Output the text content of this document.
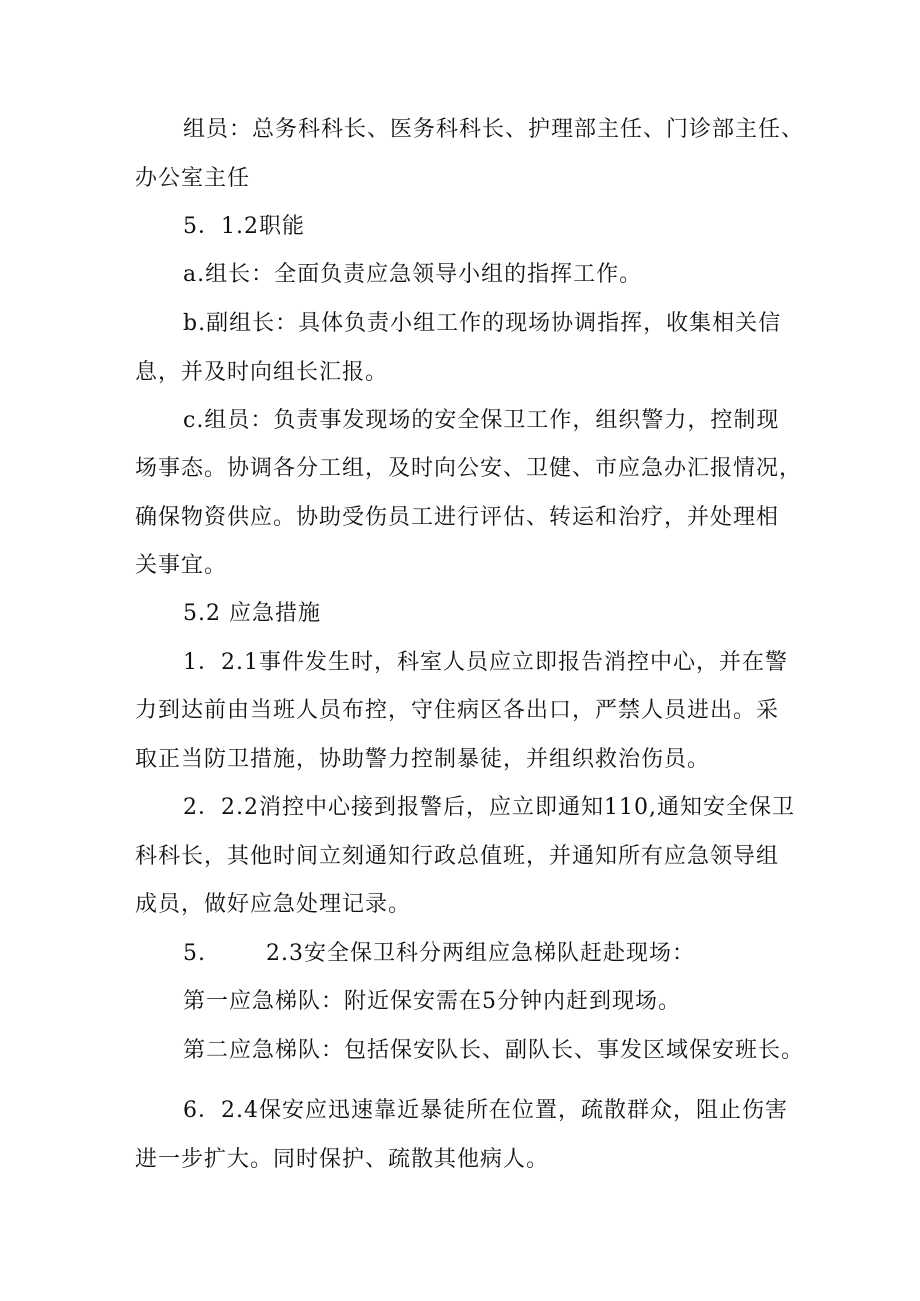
组员：总务科科长、医务科科长、护理部主任、门诊部主任、

办公室主任

5．1.2职能

a.组长：全面负责应急领导小组的指挥工作。

b.副组长：具体负责小组工作的现场协调指挥，收集相关信

息，并及时向组长汇报。

c.组员：负责事发现场的安全保卫工作，组织警力，控制现

场事态。协调各分工组，及时向公安、卫健、市应急办汇报情况，

确保物资供应。协助受伤员工进行评估、转运和治疗，并处理相

关事宜。

5.2 应急措施

1．2.1事件发生时，科室人员应立即报告消控中心，并在警

力到达前由当班人员布控，守住病区各出口，严禁人员进出。采

取正当防卫措施，协助警力控制暴徒，并组织救治伤员。

2．2.2消控中心接到报警后，应立即通知110,通知安全保卫

科科长，其他时间立刻通知行政总值班，并通知所有应急领导组

成员，做好应急处理记录。

5.	2.3安全保卫科分两组应急梯队赶赴现场：

第一应急梯队：附近保安需在5分钟内赶到现场。

第二应急梯队：包括保安队长、副队长、事发区域保安班长。

6．2.4保安应迅速靠近暴徒所在位置，疏散群众，阻止伤害

进一步扩大。同时保护、疏散其他病人。
